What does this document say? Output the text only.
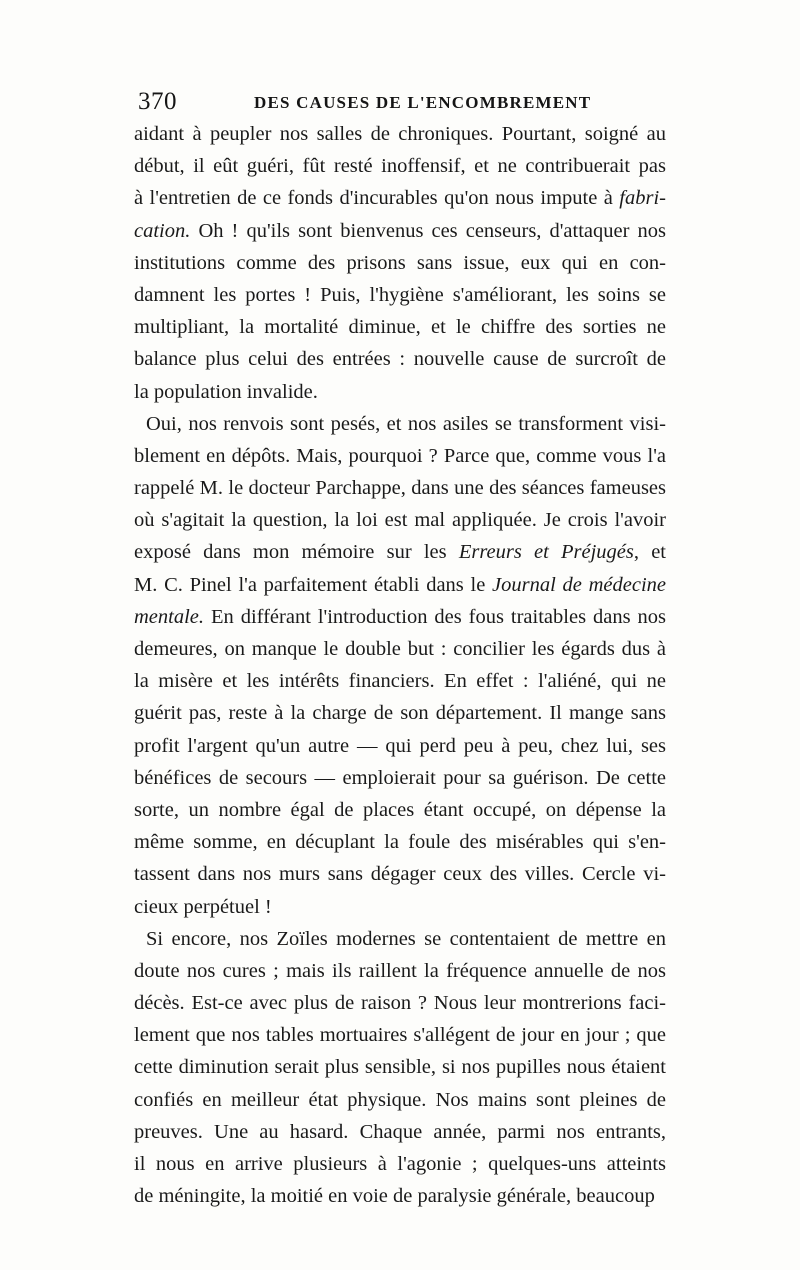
370	DES CAUSES DE L'ENCOMBREMENT
aidant à peupler nos salles de chroniques. Pourtant, soigné au
début, il eût guéri, fût resté inoffensif, et ne contribuerait pas
à l'entretien de ce fonds d'incurables qu'on nous impute à fabri-
cation. Oh ! qu'ils sont bienvenus ces censeurs, d'attaquer nos
institutions comme des prisons sans issue, eux qui en con-
damnent les portes ! Puis, l'hygiène s'améliorant, les soins se
multipliant, la mortalité diminue, et le chiffre des sorties ne
balance plus celui des entrées : nouvelle cause de surcroît de
la population invalide.
Oui, nos renvois sont pesés, et nos asiles se transforment visi-
blement en dépôts. Mais, pourquoi ? Parce que, comme vous l'a
rappelé M. le docteur Parchappe, dans une des séances fameuses
où s'agitait la question, la loi est mal appliquée. Je crois l'avoir
exposé dans mon mémoire sur les Erreurs et Préjugés, et
M. C. Pinel l'a parfaitement établi dans le Journal de médecine
mentale. En différant l'introduction des fous traitables dans nos
demeures, on manque le double but : concilier les égards dus à
la misère et les intérêts financiers. En effet : l'aliéné, qui ne
guérit pas, reste à la charge de son département. Il mange sans
profit l'argent qu'un autre — qui perd peu à peu, chez lui, ses
bénéfices de secours — emploierait pour sa guérison. De cette
sorte, un nombre égal de places étant occupé, on dépense la
même somme, en décuplant la foule des misérables qui s'en-
tassent dans nos murs sans dégager ceux des villes. Cercle vi-
cieux perpétuel !
Si encore, nos Zoïles modernes se contentaient de mettre en
doute nos cures ; mais ils raillent la fréquence annuelle de nos
décès. Est-ce avec plus de raison ? Nous leur montrerions faci-
lement que nos tables mortuaires s'allégent de jour en jour ; que
cette diminution serait plus sensible, si nos pupilles nous étaient
confiés en meilleur état physique. Nos mains sont pleines de
preuves. Une au hasard. Chaque année, parmi nos entrants,
il nous en arrive plusieurs à l'agonie ; quelques-uns atteints
de méningite, la moitié en voie de paralysie générale, beaucoup
